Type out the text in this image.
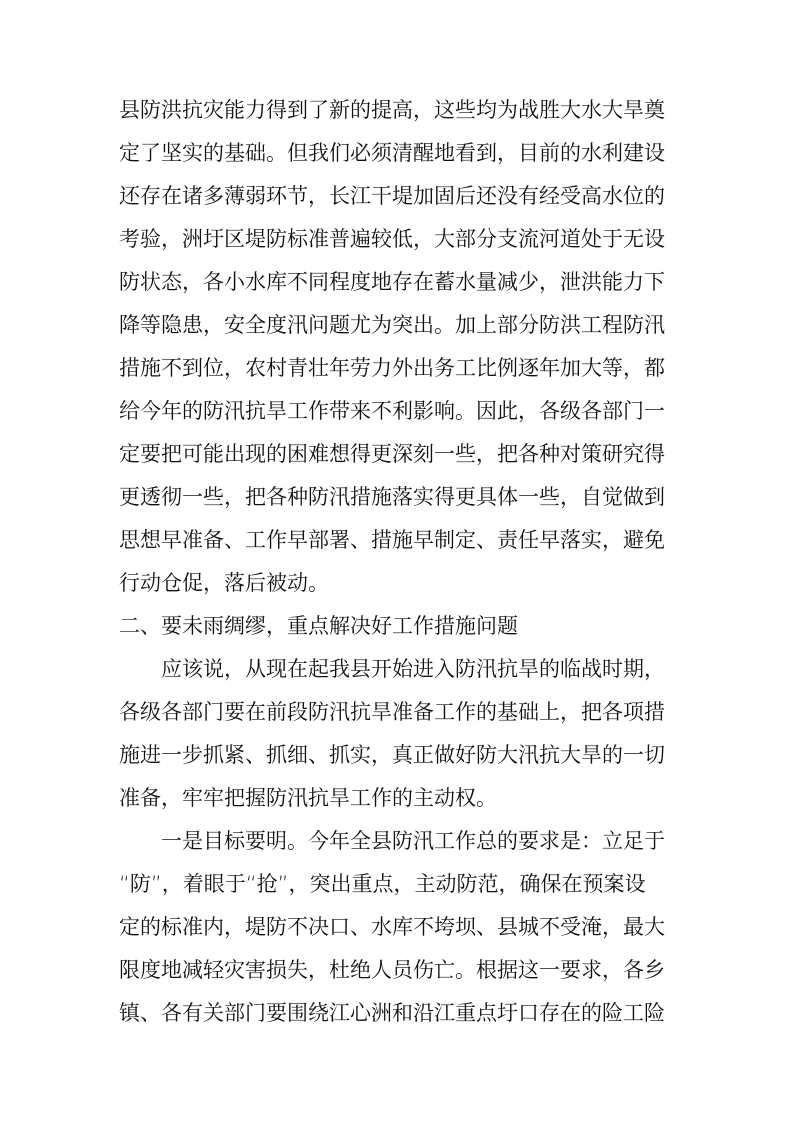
县防洪抗灾能力得到了新的提高，这些均为战胜大水大旱奠

定了坚实的基础。但我们必须清醒地看到，目前的水利建设

还存在诸多薄弱环节，长江干堤加固后还没有经受高水位的

考验，洲圩区堤防标准普遍较低，大部分支流河道处于无设

防状态，各小水库不同程度地存在蓄水量减少，泄洪能力下

降等隐患，安全度汛问题尤为突出。加上部分防洪工程防汛

措施不到位，农村青壮年劳力外出务工比例逐年加大等，都

给今年的防汛抗旱工作带来不利影响。因此，各级各部门一

定要把可能出现的困难想得更深刻一些，把各种对策研究得

更透彻一些，把各种防汛措施落实得更具体一些，自觉做到

思想早准备、工作早部署、措施早制定、责任早落实，避免

行动仓促，落后被动。

二、要未雨绸缪，重点解决好工作措施问题

应该说，从现在起我县开始进入防汛抗旱的临战时期，

各级各部门要在前段防汛抗旱准备工作的基础上，把各项措

施进一步抓紧、抓细、抓实，真正做好防大汛抗大旱的一切

准备，牢牢把握防汛抗旱工作的主动权。

一是目标要明。今年全县防汛工作总的要求是：立足于

“防”，着眼于“抢”，突出重点，主动防范，确保在预案设

定的标准内，堤防不决口、水库不垮坝、县城不受淹，最大

限度地减轻灾害损失，杜绝人员伤亡。根据这一要求，各乡

镇、各有关部门要围绕江心洲和沿江重点圩口存在的险工险
